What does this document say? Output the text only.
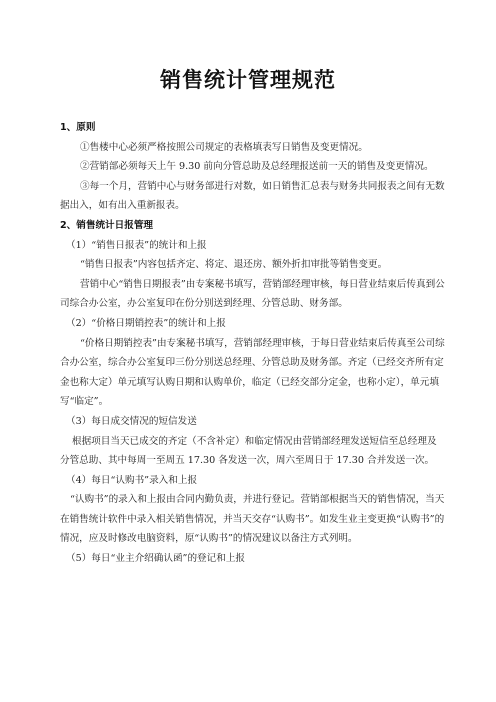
销售统计管理规范

1、原则

①售楼中心必须严格按照公司规定的表格填表写日销售及变更情况。

②营销部必须每天上午 9.30 前向分管总助及总经理报送前一天的销售及变更情况。

③每一个月，营销中心与财务部进行对数，如日销售汇总表与财务共同报表之间有无数据出入，如有出入重新报表。

2、销售统计日报管理

（1）“销售日报表”的统计和上报

“销售日报表”内容包括齐定、将定、退还房、额外折扣审批等销售变更。

营销中心“销售日期报表”由专案秘书填写，营销部经理审核，每日营业结束后传真到公司综合办公室，办公室复印在份分别送到经理、分管总助、财务部。

（2）“价格日期销控表”的统计和上报

“价格日期销控表”由专案秘书填写，营销部经理审核，于每日营业结束后传真至公司综合办公室，综合办公室复印三份分别送总经理、分管总助及财务部。齐定（已经交齐所有定金也称大定）单元填写认购日期和认购单价，临定（已经交部分定金，也称小定），单元填写“临定”。

（3）每日成交情况的短信发送

根据项目当天已成交的齐定（不含补定）和临定情况由营销部经理发送短信至总经理及分管总助、其中每周一至周五 17.30 各发送一次，周六至周日于 17.30 合并发送一次。

（4）每日“认购书”录入和上报

“认购书”的录入和上报由合同内勤负责，并进行登记。营销部根据当天的销售情况，当天在销售统计软件中录入相关销售情况，并当天交存“认购书”。如发生业主变更换“认购书”的情况，应及时修改电脑资料，原“认购书”的情况建议以备注方式列明。

（5）每日“业主介绍确认函”的登记和上报
